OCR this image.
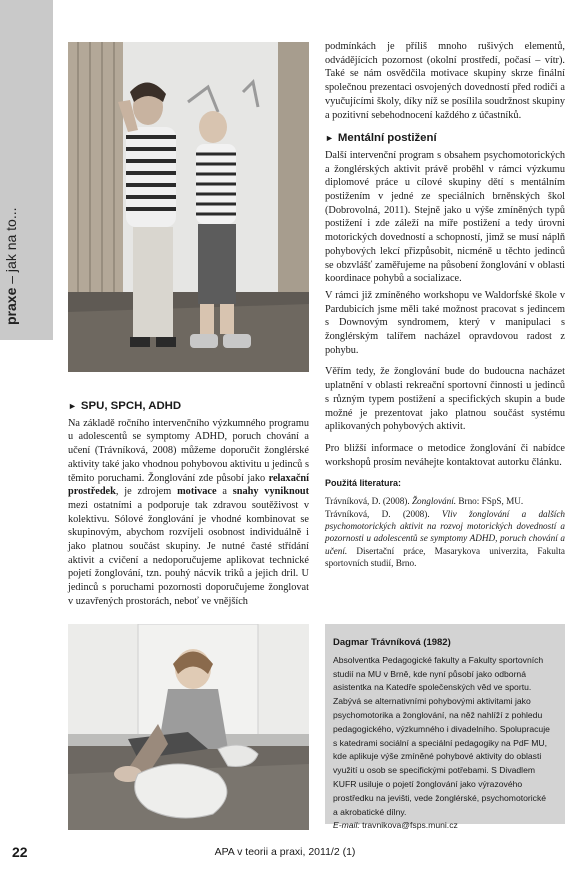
praxe – jak na to...
► SPU, SPCH, ADHD

Na základě ročního intervenčního výzkumného programu u adolescentů se symptomy ADHD, poruch chování a učení (Trávníková, 2008) můžeme doporučit žonglérské aktivity také jako vhodnou pohybovou aktivitu u jedinců s těmito poruchami. Žonglování zde působí jako relaxační prostředek, je zdrojem motivace a snahy vyniknout mezi ostatními a podporuje tak zdravou soutěživost v kolektivu. Sólové žonglování je vhodné kombinovat se skupinovým, abychom rozvíjeli osobnost individuálně i jako platnou součást skupiny. Je nutné časté střídání aktivit a cvičení a nedoporučujeme aplikovat technické pojetí žonglování, tzn. pouhý nácvik triků a jejich dril. U jedinců s poruchami pozornosti doporučujeme žonglovat v uzavřených prostorách, neboť ve vnějších

podmínkách je příliš mnoho rušivých elementů, odvádějících pozornost (okolní prostředí, počasí – vítr). Také se nám osvědčila motivace skupiny skrze finální společnou prezentaci osvojených dovedností před rodiči a vyučujícími školy, díky níž se posílila soudržnost skupiny a pozitivní sebehodnocení každého z účastníků.

► Mentální postižení

Další intervenční program s obsahem psychomotorických a žonglérských aktivit právě proběhl v rámci výzkumu diplomové práce u cílové skupiny dětí s mentálním postižením v jedné ze speciálních brněnských škol (Dobrovolná, 2011). Stejně jako u výše zmíněných typů postižení i zde záleží na míře postižení a tedy úrovni motorických dovedností a schopností, jimž se musí náplň pohybových lekcí přizpůsobit, nicméně u těchto jedinců se obzvlášť zaměřujeme na působení žonglování v oblasti koordinace pohybů a socializace.

V rámci již zmíněného workshopu ve Waldorfské škole v Pardubicích jsme měli také možnost pracovat s jedincem s Downovým syndromem, který v manipulaci s žonglérským talířem nacházel opravdovou radost z pohybu.

Věřím tedy, že žonglování bude do budoucna nacházet uplatnění v oblasti rekreační sportovní činnosti u jedinců s různým typem postižení a specifických skupin a bude možné je prezentovat jako platnou součást systému aplikovaných pohybových aktivit.

Pro bližší informace o metodice žonglování či nabídce workshopů prosím neváhejte kontaktovat autorku článku.

Použitá literatura:
Trávníková, D. (2008). Žonglování. Brno: FSpS, MU.
Trávníková, D. (2008). Vliv žonglování a dalších psychomotorických aktivit na rozvoj motorických dovedností a pozornosti u adolescentů se symptomy ADHD, poruch chování a učení. Disertační práce, Masarykova univerzita, Fakulta sportovních studií, Brno.
Dagmar Trávníková (1982)
Absolventka Pedagogické fakulty a Fakulty sportovních studií na MU v Brně, kde nyní působí jako odborná asistentka na Katedře společenských věd ve sportu. Zabývá se alternativními pohybovými aktivitami jako psychomotorika a žonglování, na něž nahlíží z pohledu pedagogického, výzkumného i divadelního. Spolupracuje s katedrami sociální a speciální pedagogiky na PdF MU, kde aplikuje výše zmíněné pohybové aktivity do oblasti využití u osob se specifickými potřebami. S Divadlem KUFR usiluje o pojetí žonglování jako výrazového prostředku na jevišti, vede žonglérské, psychomotorické a akrobatické dílny.
E-mail: travnikova@fsps.muni.cz
22	APA v teorii a praxi, 2011/2 (1)
